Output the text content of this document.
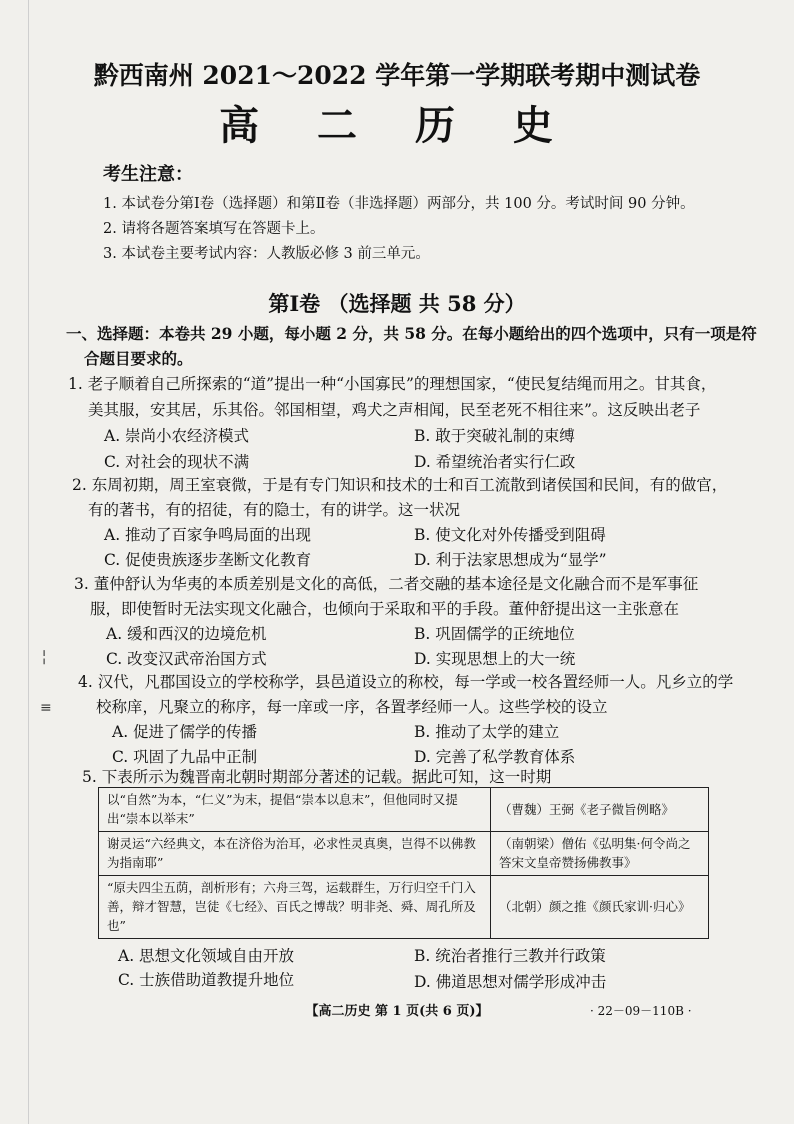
╎
≡
黔西南州 2021～2022 学年第一学期联考期中测试卷
高 二 历 史
考生注意：
1. 本试卷分第Ⅰ卷（选择题）和第Ⅱ卷（非选择题）两部分，共 100 分。考试时间 90 分钟。
2. 请将各题答案填写在答题卡上。
3. 本试卷主要考试内容：人教版必修 3 前三单元。
第Ⅰ卷 （选择题 共 58 分）
一、选择题：本卷共 29 小题，每小题 2 分，共 58 分。在每小题给出的四个选项中，只有一项是符
合题目要求的。
1. 老子顺着自己所探索的“道”提出一种“小国寡民”的理想国家，“使民复结绳而用之。甘其食，
美其服，安其居，乐其俗。邻国相望，鸡犬之声相闻，民至老死不相往来”。这反映出老子
A. 崇尚小农经济模式	B. 敢于突破礼制的束缚
C. 对社会的现状不满	D. 希望统治者实行仁政
2. 东周初期，周王室衰微，于是有专门知识和技术的士和百工流散到诸侯国和民间，有的做官，
有的著书，有的招徒，有的隐士，有的讲学。这一状况
A. 推动了百家争鸣局面的出现	B. 使文化对外传播受到阻碍
C. 促使贵族逐步垄断文化教育	D. 利于法家思想成为“显学”
3. 董仲舒认为华夷的本质差别是文化的高低，二者交融的基本途径是文化融合而不是军事征
服，即使暂时无法实现文化融合，也倾向于采取和平的手段。董仲舒提出这一主张意在
A. 缓和西汉的边境危机	B. 巩固儒学的正统地位
C. 改变汉武帝治国方式	D. 实现思想上的大一统
4. 汉代，凡郡国设立的学校称学，县邑道设立的称校，每一学或一校各置经师一人。凡乡立的学
校称庠，凡聚立的称序，每一庠或一序，各置孝经师一人。这些学校的设立
A. 促进了儒学的传播	B. 推动了太学的建立
C. 巩固了九品中正制	D. 完善了私学教育体系
5. 下表所示为魏晋南北朝时期部分著述的记载。据此可知，这一时期
以“自然”为本，“仁义”为末，提倡“崇本以息末”，但他同时又提出“崇本以举末”	（曹魏）王弼《老子微旨例略》
谢灵运“六经典文，本在济俗为治耳，必求性灵真奥，岂得不以佛教为指南耶”	（南朝梁）僧佑《弘明集·何令尚之答宋文皇帝赞扬佛教事》
“原夫四尘五荫，剖析形有；六舟三驾，运载群生，万行归空千门入善，辩才智慧，岂徒《七经》、百氏之博哉？明非尧、舜、周孔所及也”	（北朝）颜之推《颜氏家训·归心》
A. 思想文化领域自由开放	B. 统治者推行三教并行政策
C. 士族借助道教提升地位	D. 佛道思想对儒学形成冲击
【高二历史 第 1 页(共 6 页)】	· 22－09－110B ·
